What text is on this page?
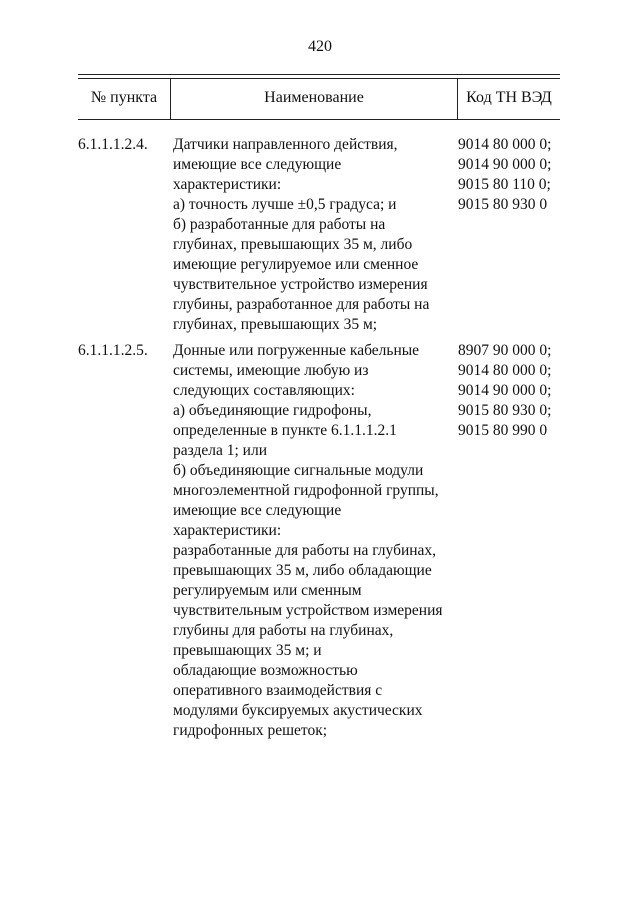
420
№ пункта	Наименование	Код ТН ВЭД
6.1.1.1.2.4. Датчики направленного действия,
имеющие все следующие
характеристики:
а) точность лучше ±0,5 градуса; и
б) разработанные для работы на
глубинах, превышающих 35 м, либо
имеющие регулируемое или сменное
чувствительное устройство измерения
глубины, разработанное для работы на
глубинах, превышающих 35 м;
9014 80 000 0;
9014 90 000 0;
9015 80 110 0;
9015 80 930 0
6.1.1.1.2.5. Донные или погруженные кабельные
системы, имеющие любую из
следующих составляющих:
а) объединяющие гидрофоны,
определенные в пункте 6.1.1.1.2.1
раздела 1; или
б) объединяющие сигнальные модули
многоэлементной гидрофонной группы,
имеющие все следующие
характеристики:
разработанные для работы на глубинах,
превышающих 35 м, либо обладающие
регулируемым или сменным
чувствительным устройством измерения
глубины для работы на глубинах,
превышающих 35 м; и
обладающие возможностью
оперативного взаимодействия с
модулями буксируемых акустических
гидрофонных решеток;
8907 90 000 0;
9014 80 000 0;
9014 90 000 0;
9015 80 930 0;
9015 80 990 0
